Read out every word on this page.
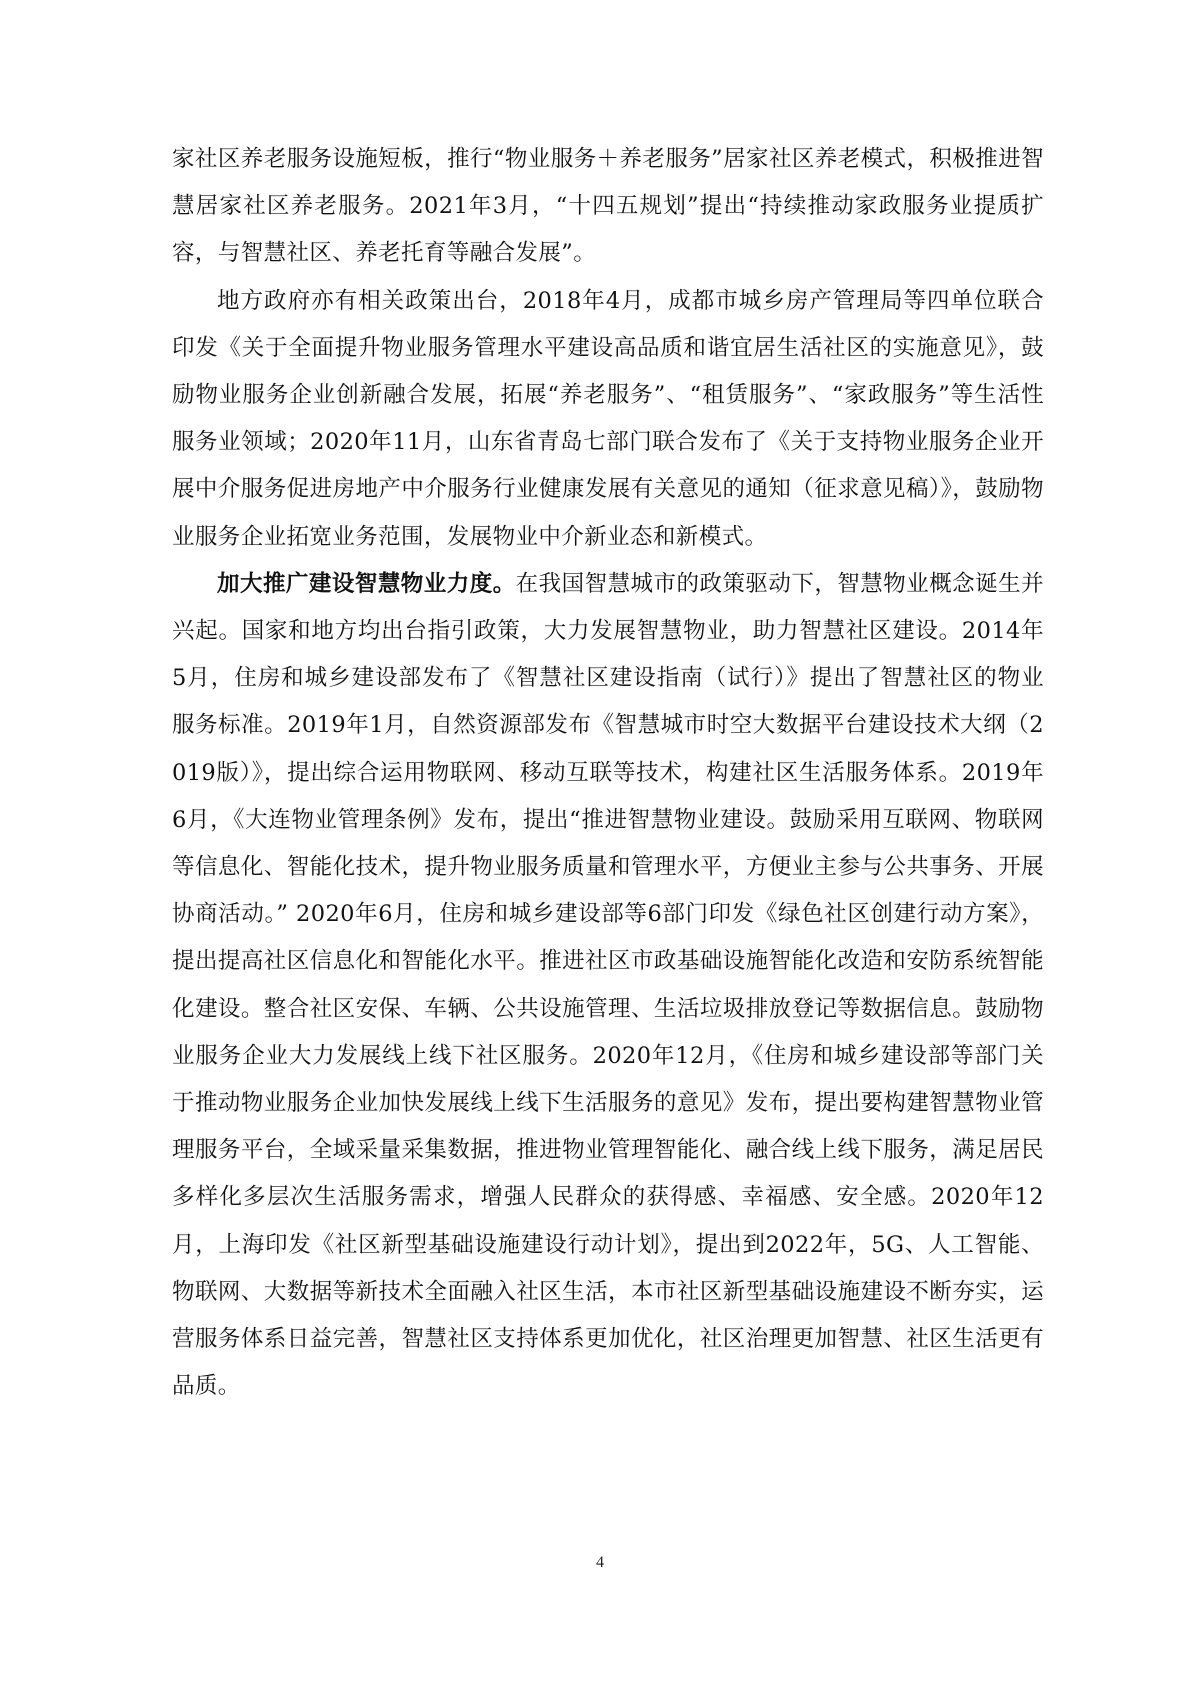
家社区养老服务设施短板，推行“物业服务＋养老服务”居家社区养老模式，积极推进智慧居家社区养老服务。2021年3月，“十四五规划”提出“持续推动家政服务业提质扩容，与智慧社区、养老托育等融合发展”。

地方政府亦有相关政策出台，2018年4月，成都市城乡房产管理局等四单位联合印发《关于全面提升物业服务管理水平建设高品质和谐宜居生活社区的实施意见》，鼓励物业服务企业创新融合发展，拓展“养老服务”、“租赁服务”、“家政服务”等生活性服务业领域；2020年11月，山东省青岛七部门联合发布了《关于支持物业服务企业开展中介服务促进房地产中介服务行业健康发展有关意见的通知（征求意见稿）》，鼓励物业服务企业拓宽业务范围，发展物业中介新业态和新模式。

加大推广建设智慧物业力度。在我国智慧城市的政策驱动下，智慧物业概念诞生并兴起。国家和地方均出台指引政策，大力发展智慧物业，助力智慧社区建设。2014年5月，住房和城乡建设部发布了《智慧社区建设指南（试行）》提出了智慧社区的物业服务标准。2019年1月，自然资源部发布《智慧城市时空大数据平台建设技术大纲（2019版）》，提出综合运用物联网、移动互联等技术，构建社区生活服务体系。2019年6月，《大连物业管理条例》发布，提出“推进智慧物业建设。鼓励采用互联网、物联网等信息化、智能化技术，提升物业服务质量和管理水平，方便业主参与公共事务、开展协商活动。” 2020年6月，住房和城乡建设部等6部门印发《绿色社区创建行动方案》，提出提高社区信息化和智能化水平。推进社区市政基础设施智能化改造和安防系统智能化建设。整合社区安保、车辆、公共设施管理、生活垃圾排放登记等数据信息。鼓励物业服务企业大力发展线上线下社区服务。2020年12月，《住房和城乡建设部等部门关于推动物业服务企业加快发展线上线下生活服务的意见》发布，提出要构建智慧物业管理服务平台，全域采量采集数据，推进物业管理智能化、融合线上线下服务，满足居民多样化多层次生活服务需求，增强人民群众的获得感、幸福感、安全感。2020年12月，上海印发《社区新型基础设施建设行动计划》，提出到2022年，5G、人工智能、物联网、大数据等新技术全面融入社区生活，本市社区新型基础设施建设不断夯实，运营服务体系日益完善，智慧社区支持体系更加优化，社区治理更加智慧、社区生活更有品质。

4
